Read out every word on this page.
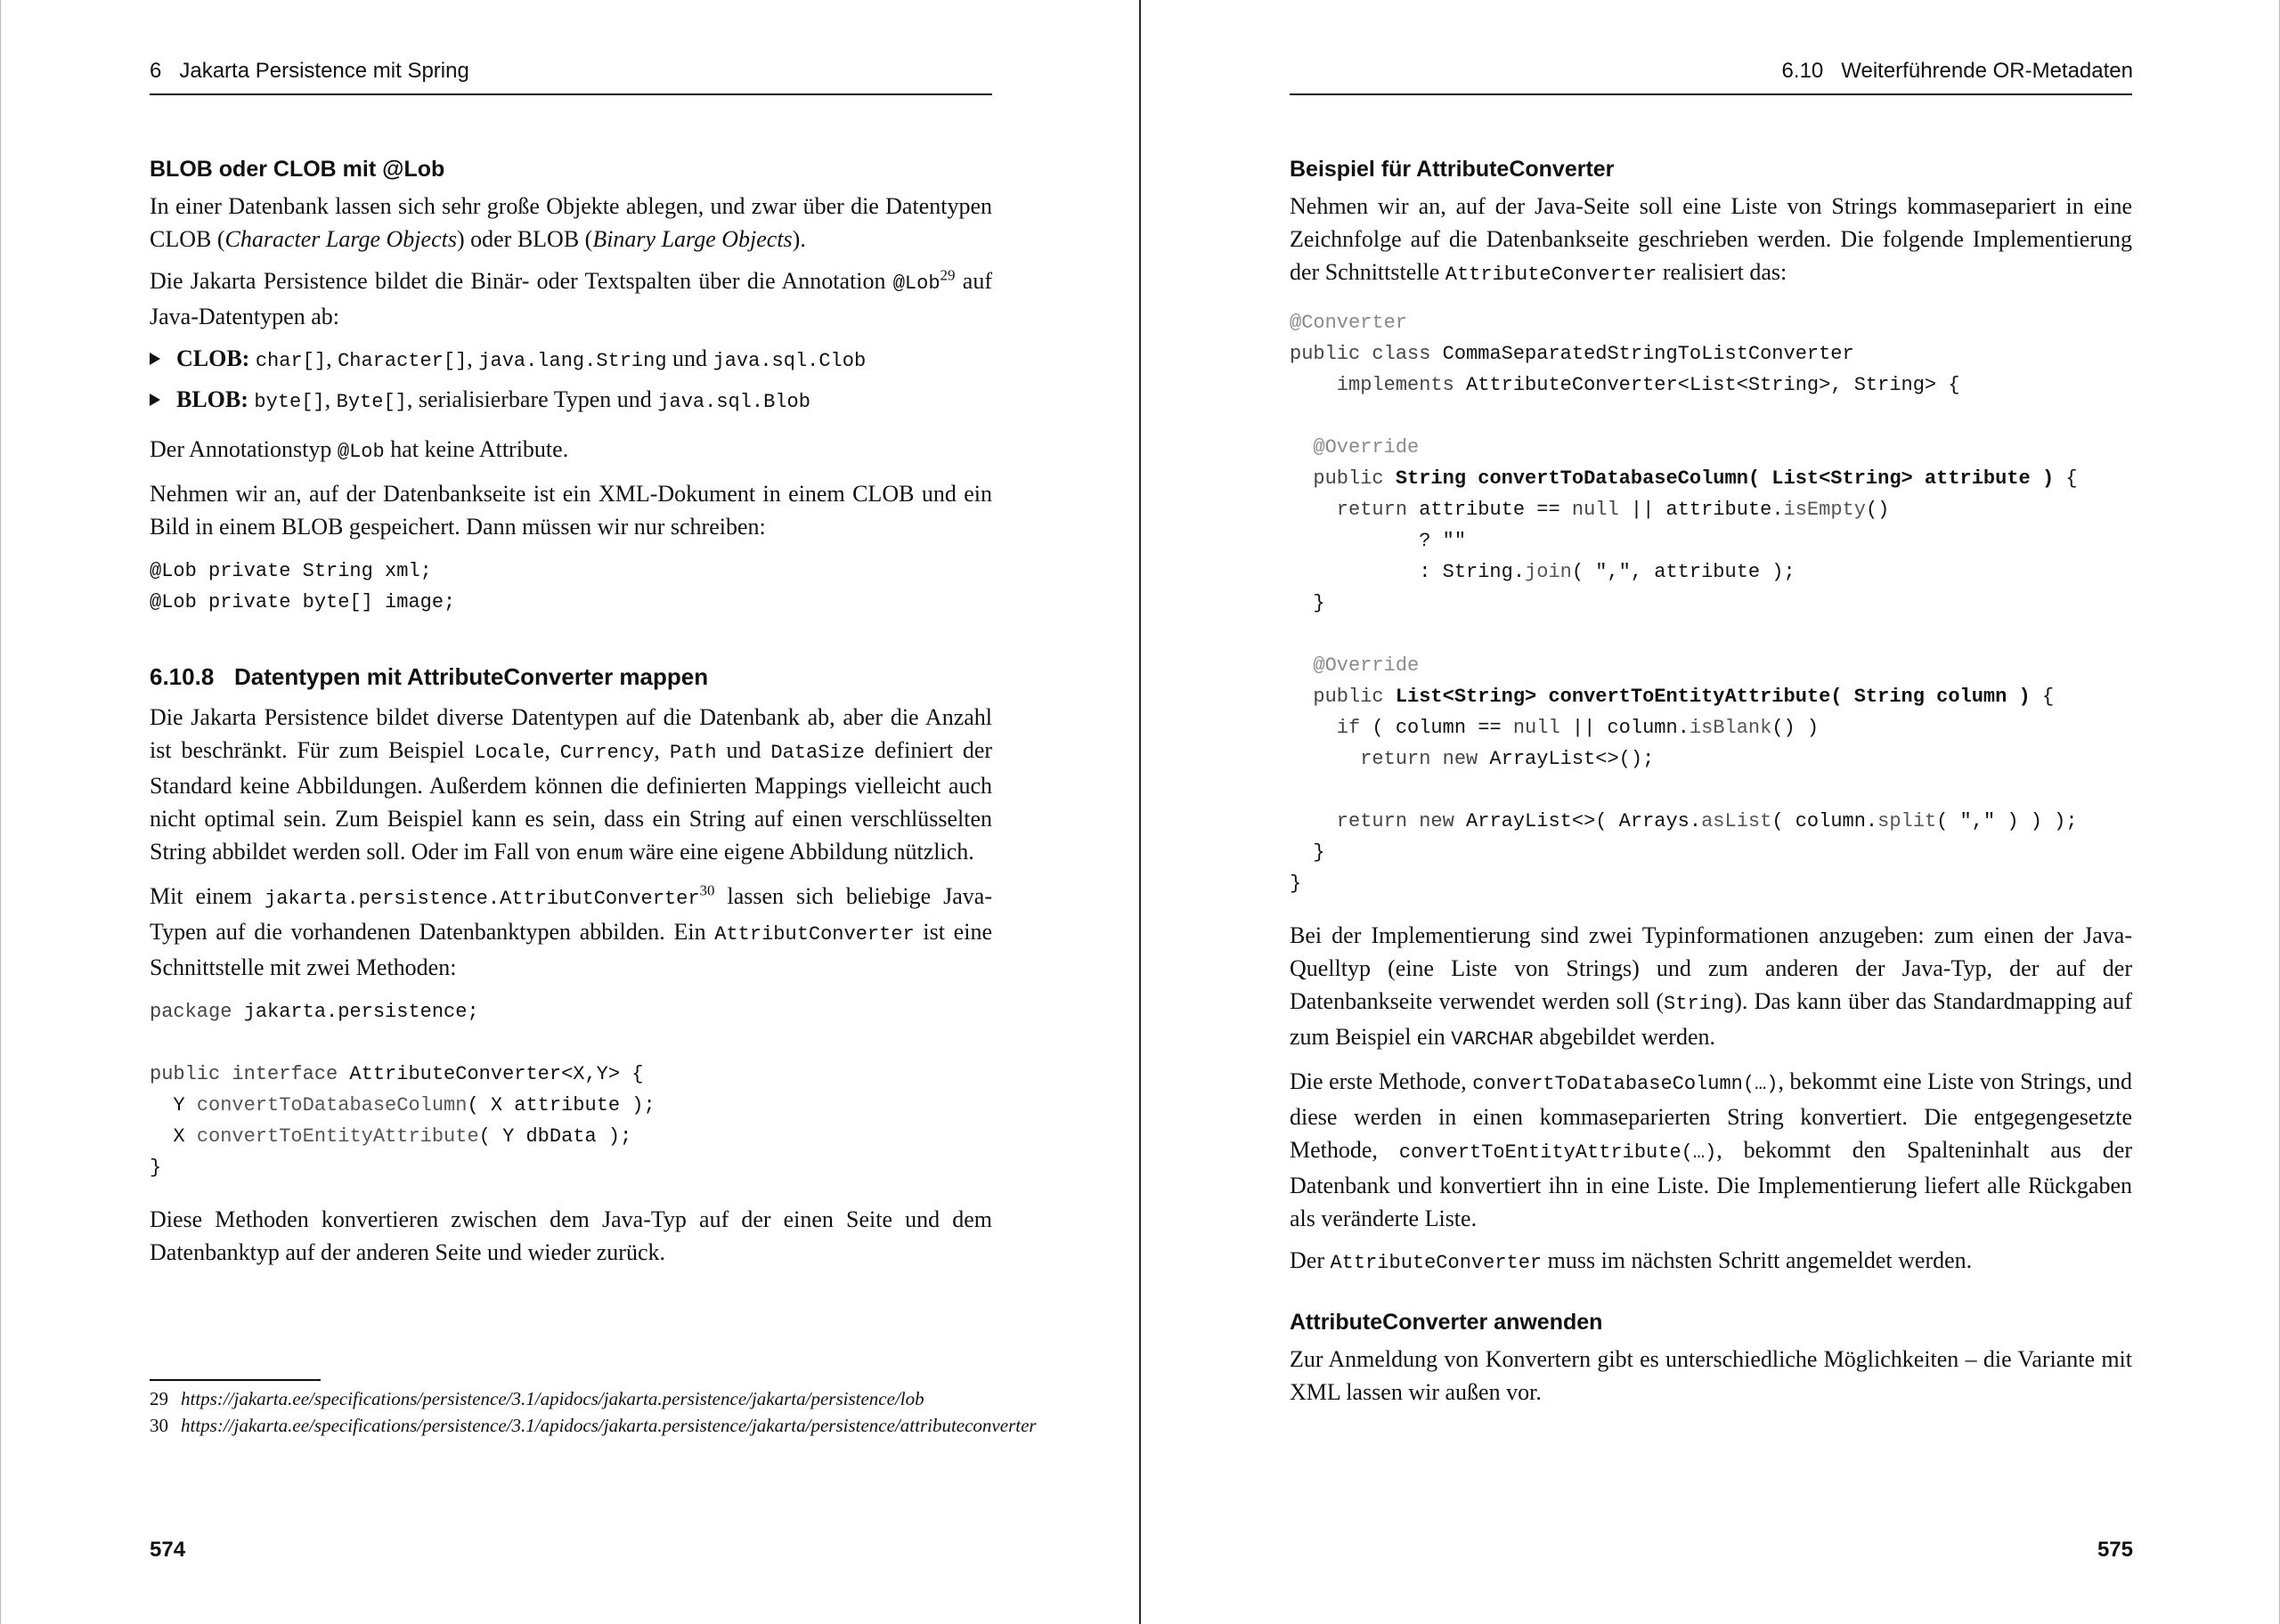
6 Jakarta Persistence mit Spring
BLOB oder CLOB mit @Lob

In einer Datenbank lassen sich sehr große Objekte ablegen, und zwar über die Datentypen CLOB (Character Large Objects) oder BLOB (Binary Large Objects).

Die Jakarta Persistence bildet die Binär- oder Textspalten über die Annotation @Lob$^{29}$ auf Java-Datentypen ab:

CLOB: char[], Character[], java.lang.String und java.sql.Clob
BLOB: byte[], Byte[], serialisierbare Typen und java.sql.Blob

Der Annotationstyp @Lob hat keine Attribute.

Nehmen wir an, auf der Datenbankseite ist ein XML-Dokument in einem CLOB und ein Bild in einem BLOB gespeichert. Dann müssen wir nur schreiben:

@Lob private String xml;
@Lob private byte[] image;
6.10.8 Datentypen mit AttributeConverter mappen

Die Jakarta Persistence bildet diverse Datentypen auf die Datenbank ab, aber die Anzahl ist beschränkt. Für zum Beispiel Locale, Currency, Path und DataSize definiert der Standard keine Abbildungen. Außerdem können die definierten Mappings vielleicht auch nicht optimal sein. Zum Beispiel kann es sein, dass ein String auf einen verschlüsselten String abbildet werden soll. Oder im Fall von enum wäre eine eigene Abbildung nützlich.

Mit einem jakarta.persistence.AttributConverter$^{30}$ lassen sich beliebige Java-Typen auf die vorhandenen Datenbanktypen abbilden. Ein AttributConverter ist eine Schnittstelle mit zwei Methoden:

package jakarta.persistence;

public interface AttributeConverter<X,Y> {
Y convertToDatabaseColumn( X attribute );
X convertToEntityAttribute( Y dbData );
}

Diese Methoden konvertieren zwischen dem Java-Typ auf der einen Seite und dem Datenbanktyp auf der anderen Seite und wieder zurück.

29 https://jakarta.ee/specifications/persistence/3.1/apidocs/jakarta.persistence/jakarta/persistence/lob
30 https://jakarta.ee/specifications/persistence/3.1/apidocs/jakarta.persistence/jakarta/persistence/attributeconverter
574
6.10 Weiterführende OR-Metadaten
Beispiel für AttributeConverter

Nehmen wir an, auf der Java-Seite soll eine Liste von Strings kommasepariert in eine Zeichnfolge auf die Datenbankseite geschrieben werden. Die folgende Implementierung der Schnittstelle AttributeConverter realisiert das:

@Converter
public class CommaSeparatedStringToListConverter
implements AttributeConverter<List<String>, String> {

@Override
public String convertToDatabaseColumn( List<String> attribute ) {
return attribute == null || attribute.isEmpty()
? ""
: String.join( ",", attribute );
}

@Override
public List<String> convertToEntityAttribute( String column ) {
if ( column == null || column.isBlank() )
return new ArrayList<>();

return new ArrayList<>( Arrays.asList( column.split( "," ) ) );
}
}

Bei der Implementierung sind zwei Typinformationen anzugeben: zum einen der Java-Quelltyp (eine Liste von Strings) und zum anderen der Java-Typ, der auf der Datenbankseite verwendet werden soll (String). Das kann über das Standardmapping auf zum Beispiel ein VARCHAR abgebildet werden.

Die erste Methode, convertToDatabaseColumn(…), bekommt eine Liste von Strings, und diese werden in einen kommaseparierten String konvertiert. Die entgegengesetzte Methode, convertToEntityAttribute(…), bekommt den Spalteninhalt aus der Datenbank und konvertiert ihn in eine Liste. Die Implementierung liefert alle Rückgaben als veränderte Liste.

Der AttributeConverter muss im nächsten Schritt angemeldet werden.

AttributeConverter anwenden

Zur Anmeldung von Konvertern gibt es unterschiedliche Möglichkeiten – die Variante mit XML lassen wir außen vor.

575
